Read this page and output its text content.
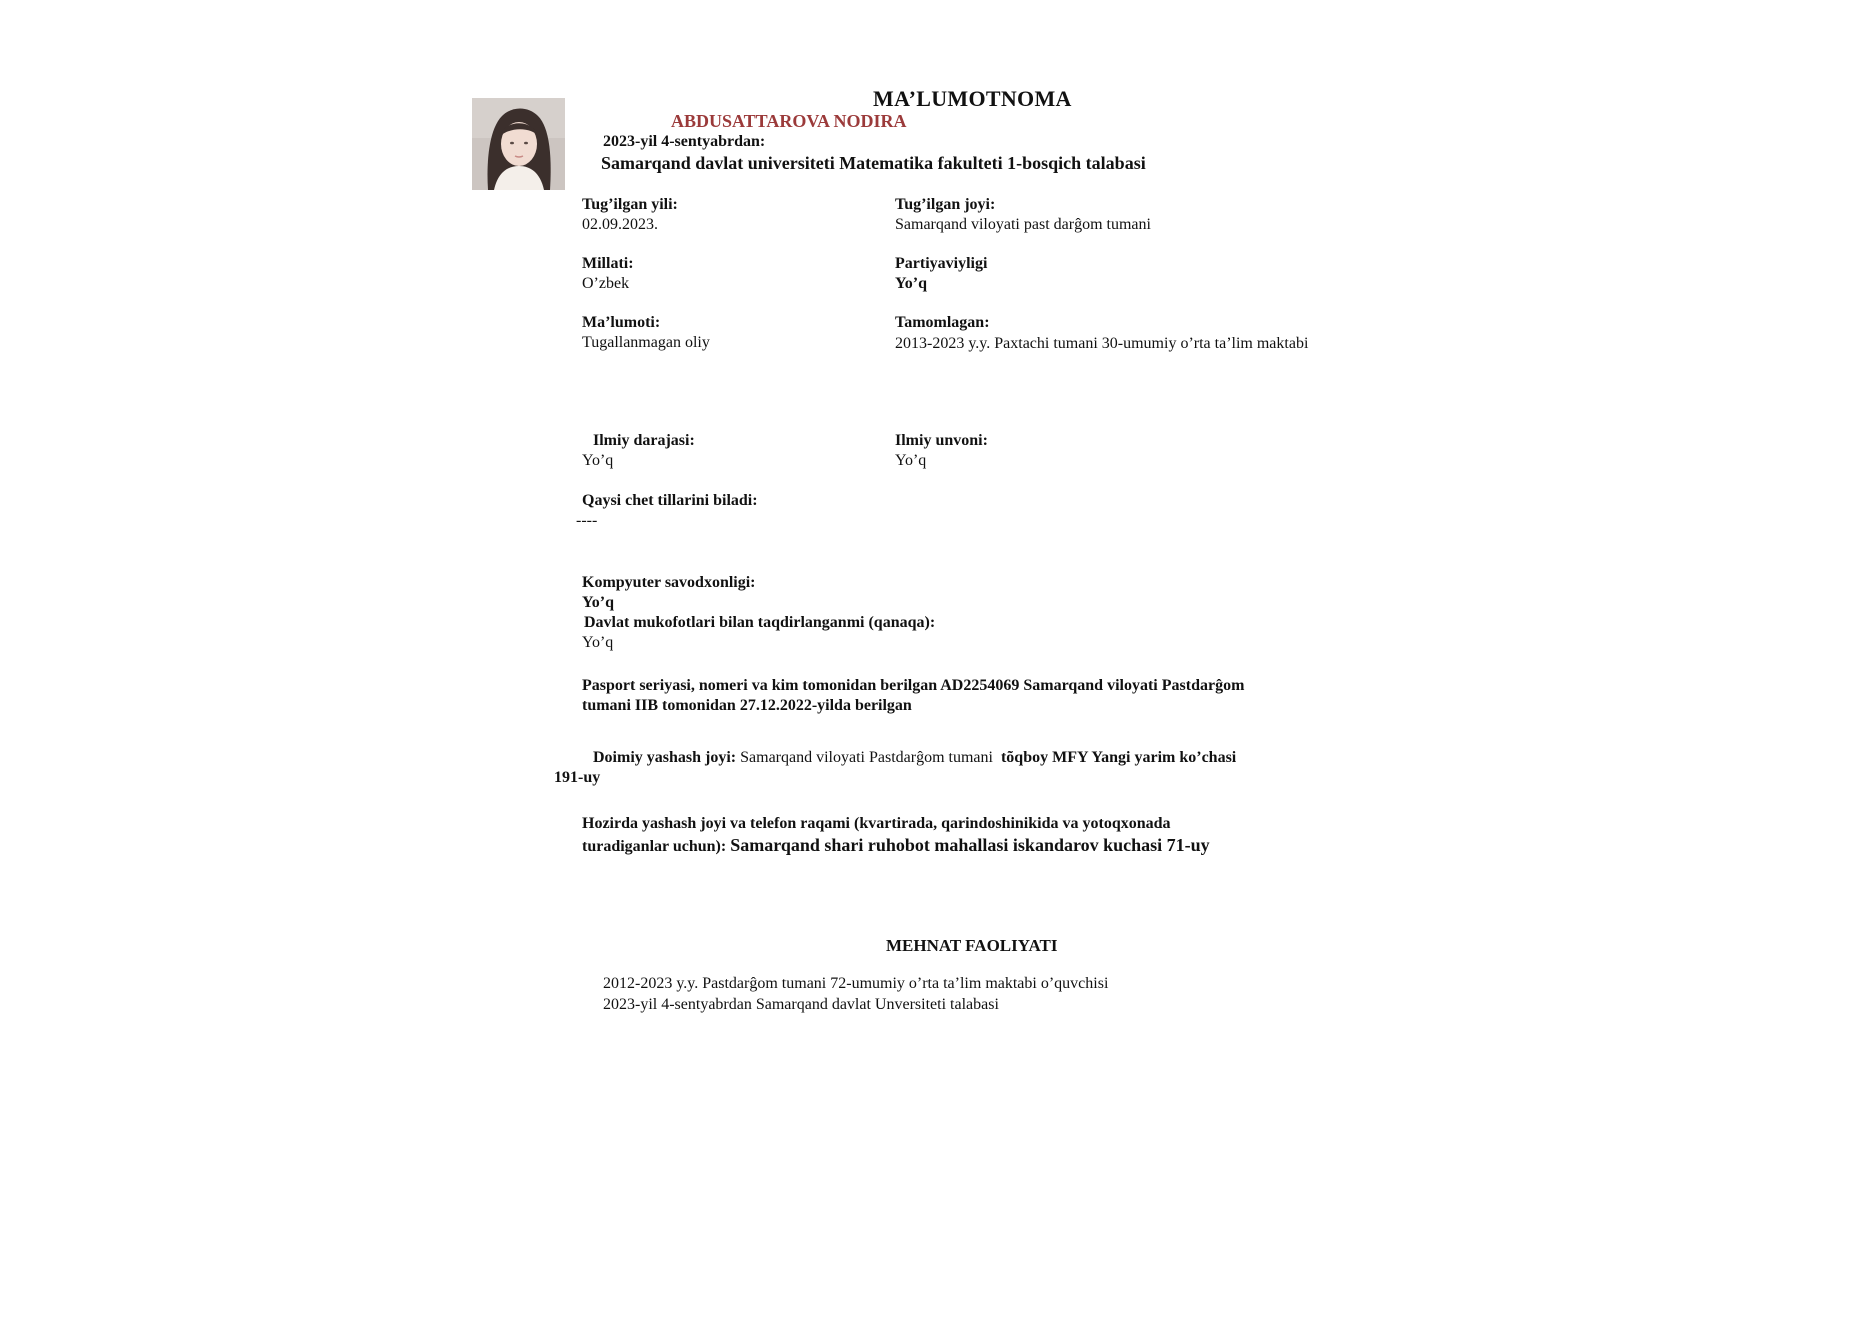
MA’LUMOTNOMA
ABDUSATTAROVA NODIRA
2023-yil 4-sentyabrdan:
Samarqand davlat universiteti Matematika fakulteti 1-bosqich talabasi
Tug’ilgan yili:
02.09.2023.
Tug’ilgan joyi:
Samarqand viloyati past darĝom tumani
Millati:
O’zbek
Partiyaviyligi
Yo’q
Ma’lumoti:
Tugallanmagan oliy
Tamomlagan:
2013-2023 y.y. Paxtachi tumani 30-umumiy o’rta ta’lim maktabi
Ilmiy darajasi:
Yo’q
Ilmiy unvoni:
Yo’q
Qaysi chet tillarini biladi:
----
Kompyuter savodxonligi:
Yo’q
Davlat mukofotlari bilan taqdirlanganmi (qanaqa):
Yo’q
Pasport seriyasi, nomeri va kim tomonidan berilgan AD2254069 Samarqand viloyati Pastdarĝom
tumani IIB tomonidan 27.12.2022-yilda berilgan
Doimiy yashash joyi: Samarqand viloyati Pastdarĝom tumani tõqboy MFY Yangi yarim ko’chasi
191-uy
Hozirda yashash joyi va telefon raqami (kvartirada, qarindoshinikida va yotoqxonada
turadiganlar uchun): Samarqand shari ruhobot mahallasi iskandarov kuchasi 71-uy
MEHNAT FAOLIYATI
2012-2023 y.y. Pastdarĝom tumani 72-umumiy o’rta ta’lim maktabi o’quvchisi
2023-yil 4-sentyabrdan Samarqand davlat Unversiteti talabasi
